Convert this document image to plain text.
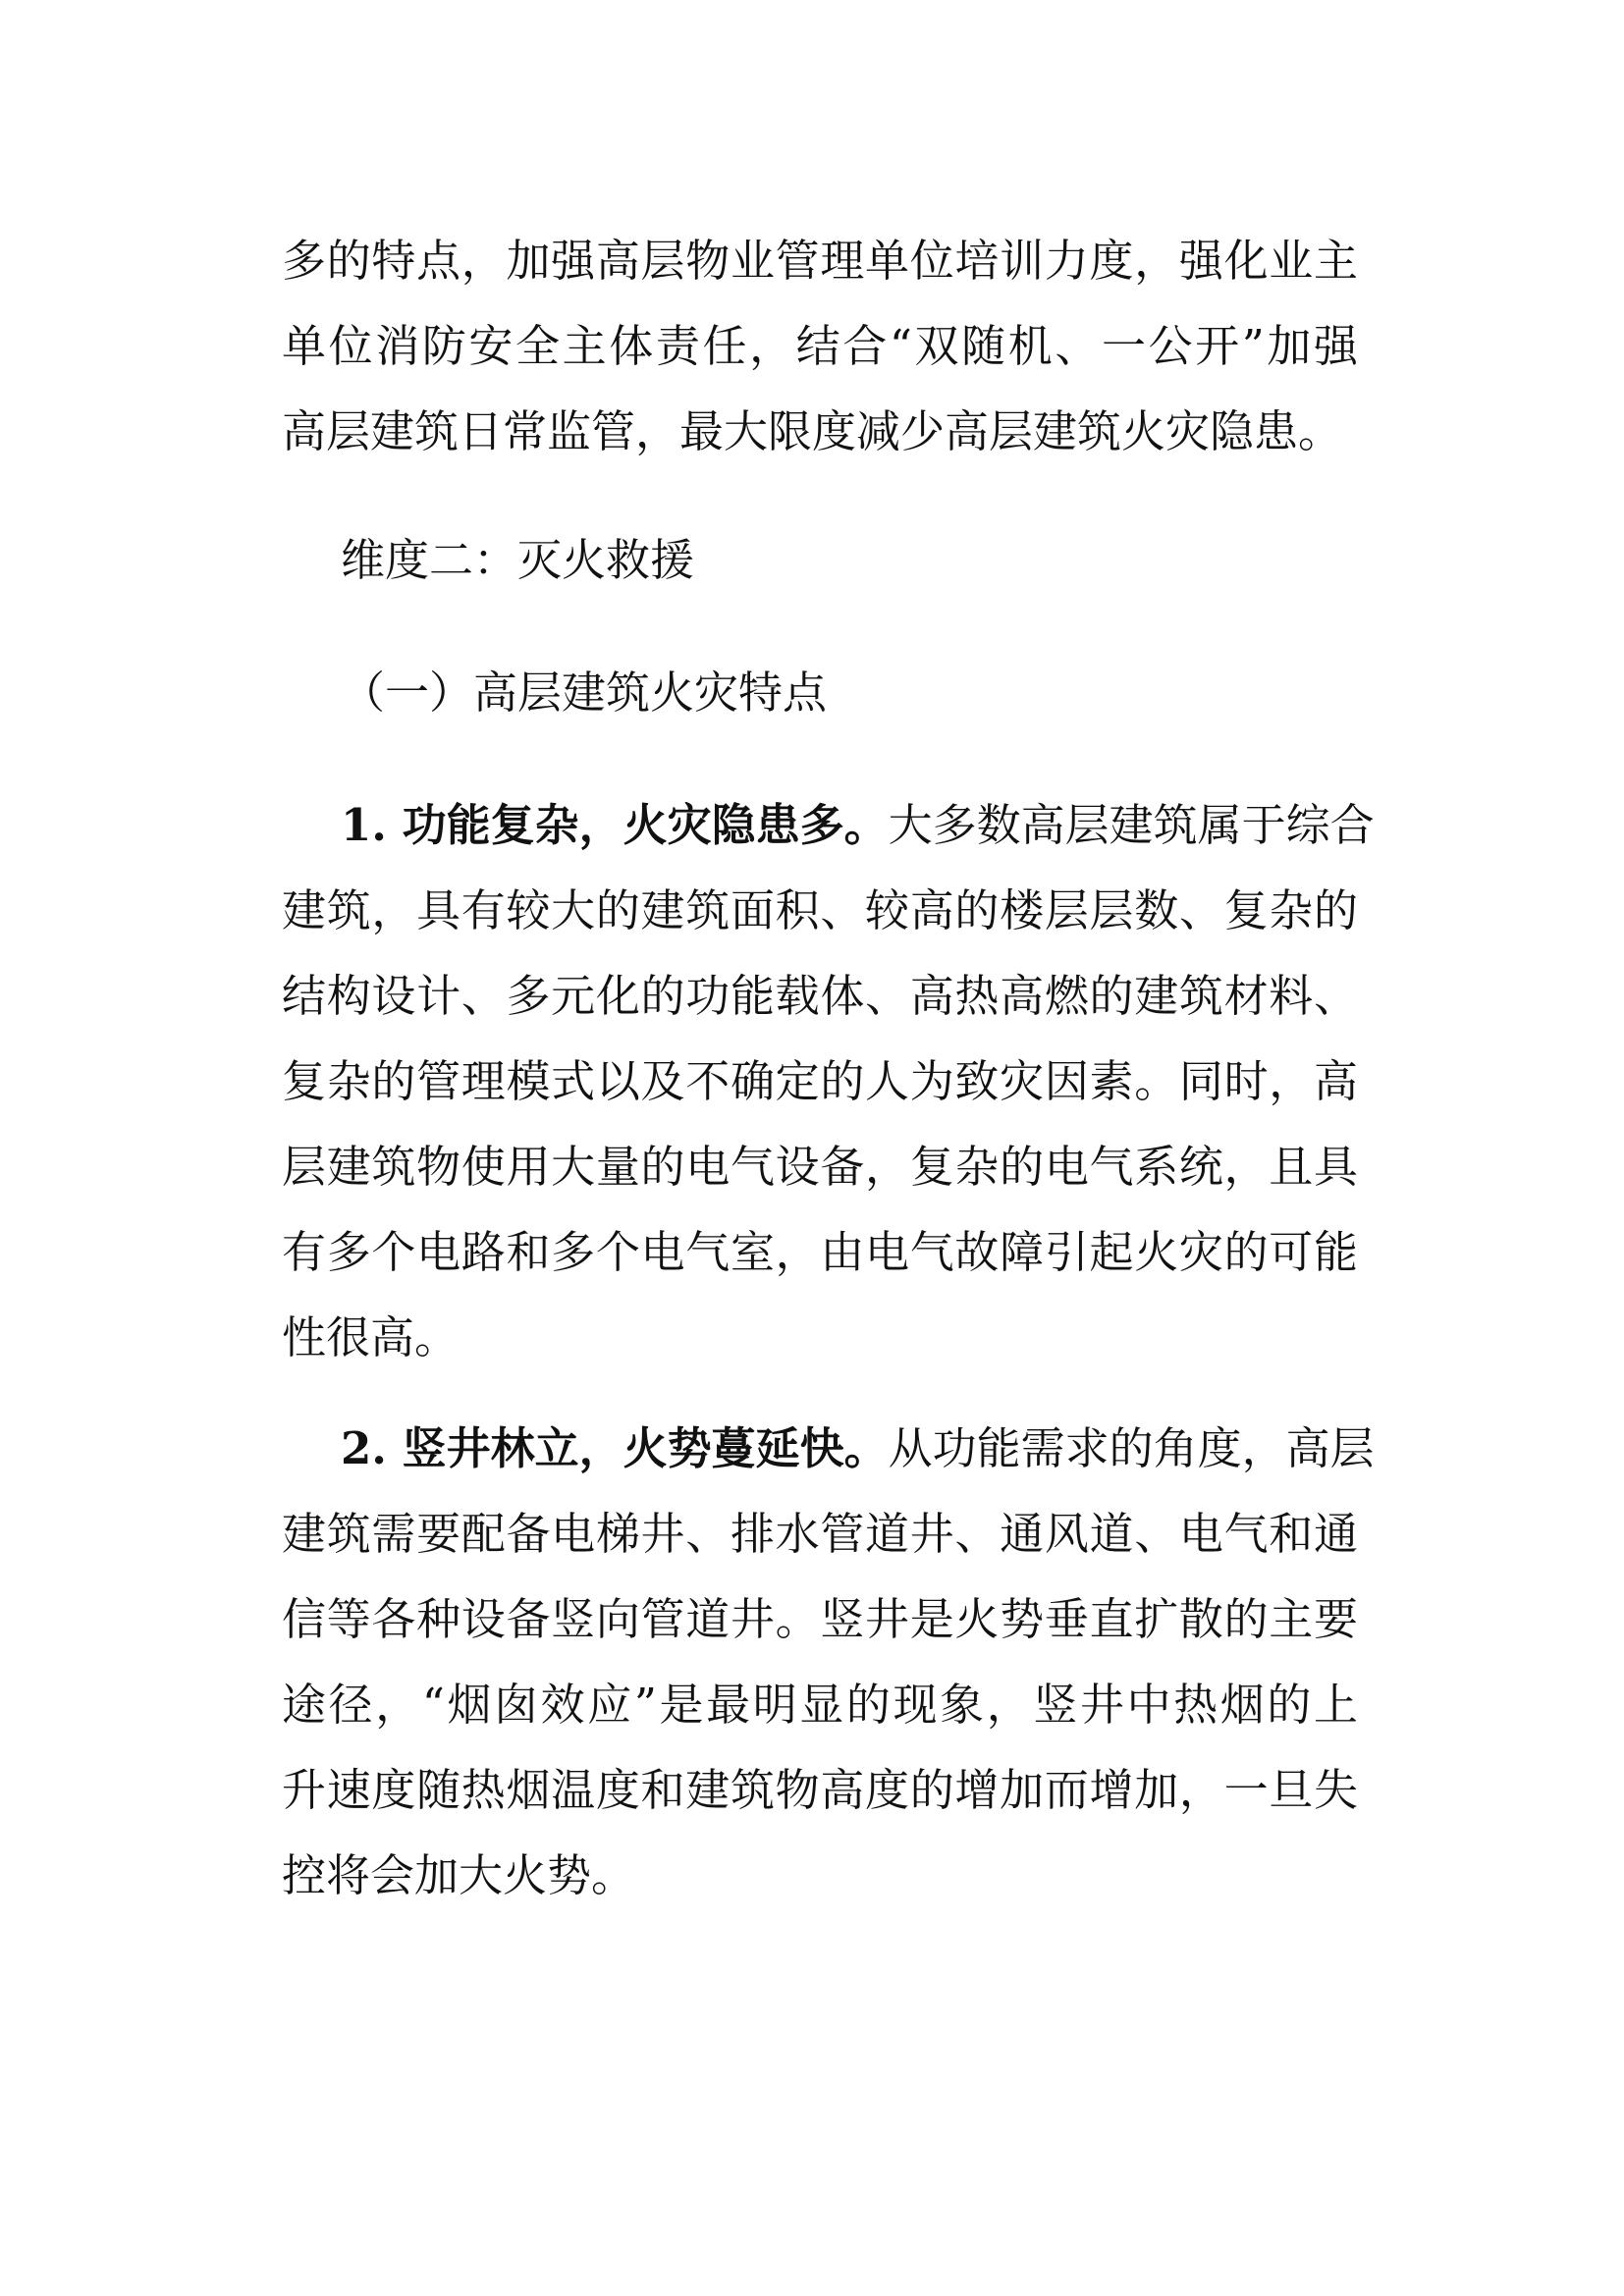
多的特点，加强高层物业管理单位培训力度，强化业主
单位消防安全主体责任，结合“双随机、一公开”加强
高层建筑日常监管，最大限度减少高层建筑火灾隐患。
维度二：灭火救援
（一）高层建筑火灾特点
1. 功能复杂，火灾隐患多。大多数高层建筑属于综合
建筑，具有较大的建筑面积、较高的楼层层数、复杂的
结构设计、多元化的功能载体、高热高燃的建筑材料、
复杂的管理模式以及不确定的人为致灾因素。同时，高
层建筑物使用大量的电气设备，复杂的电气系统，且具
有多个电路和多个电气室，由电气故障引起火灾的可能
性很高。
2. 竖井林立，火势蔓延快。从功能需求的角度，高层
建筑需要配备电梯井、排水管道井、通风道、电气和通
信等各种设备竖向管道井。竖井是火势垂直扩散的主要
途径，“烟囱效应”是最明显的现象，竖井中热烟的上
升速度随热烟温度和建筑物高度的增加而增加，一旦失
控将会加大火势。
